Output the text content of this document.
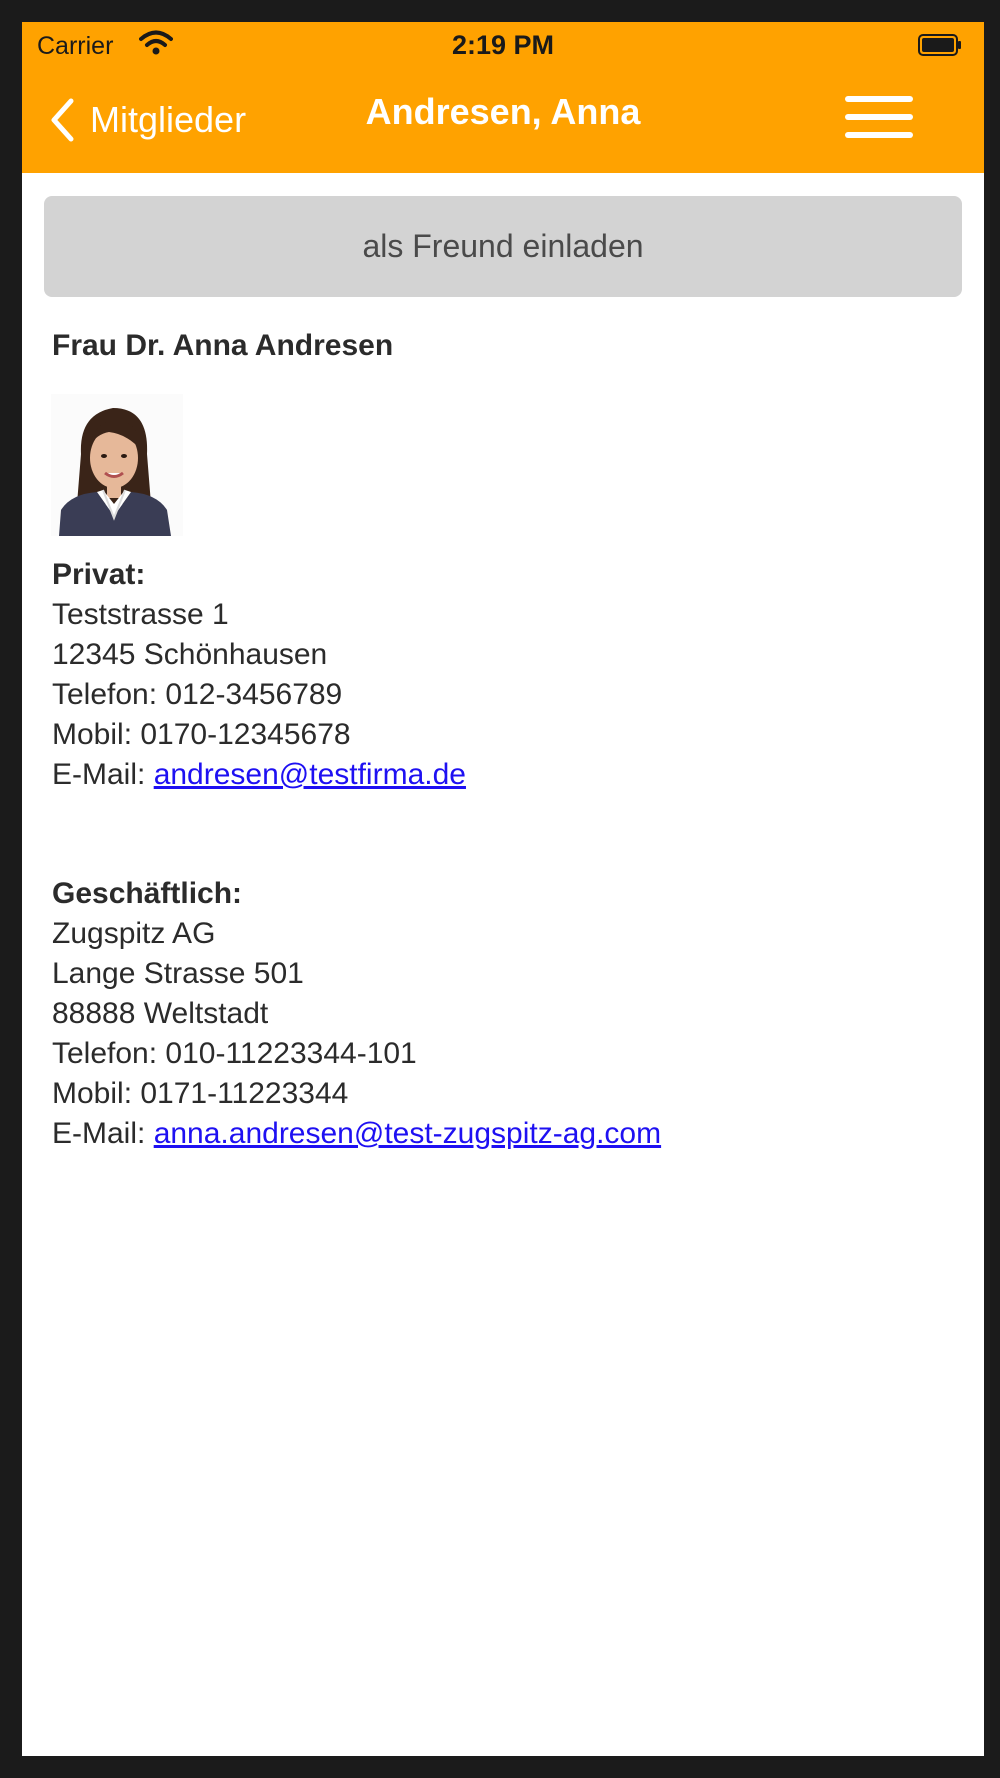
Carrier	2:19 PM
Mitglieder	Andresen, Anna
als Freund einladen
Frau Dr. Anna Andresen
Privat:
Teststrasse 1
12345 Schönhausen
Telefon: 012-3456789
Mobil: 0170-12345678
E-Mail: andresen@testfirma.de
Geschäftlich:
Zugspitz AG
Lange Strasse 501
88888 Weltstadt
Telefon: 010-11223344-101
Mobil: 0171-11223344
E-Mail: anna.andresen@test-zugspitz-ag.com
